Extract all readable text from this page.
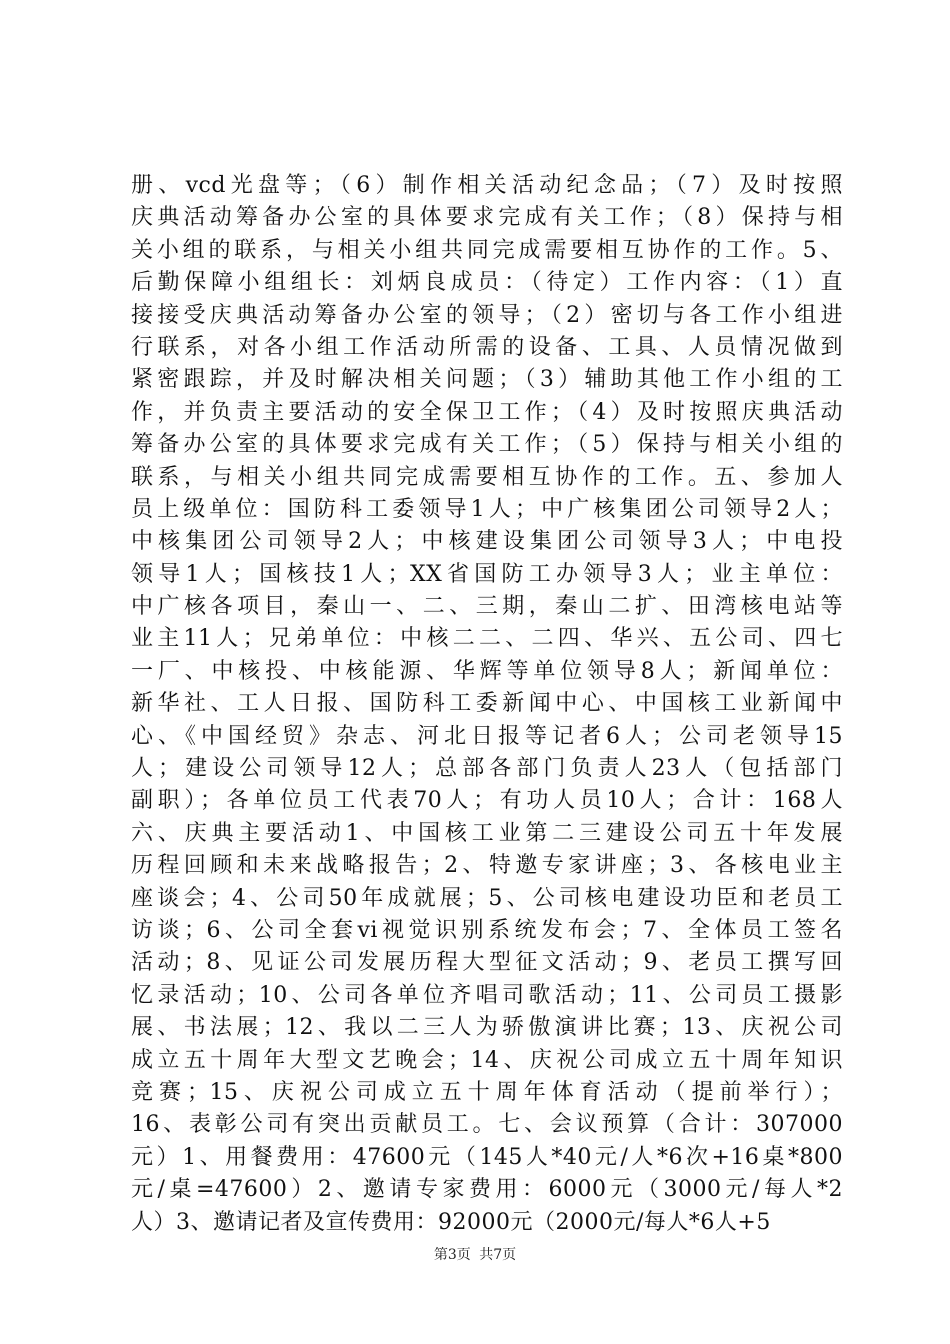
册、vcd光盘等；（6）制作相关活动纪念品；（7）及时按照
庆典活动筹备办公室的具体要求完成有关工作；（8）保持与相
关小组的联系，与相关小组共同完成需要相互协作的工作。5、
后勤保障小组组长：刘炳良成员：（待定）工作内容：（1）直
接接受庆典活动筹备办公室的领导；（2）密切与各工作小组进
行联系，对各小组工作活动所需的设备、工具、人员情况做到
紧密跟踪，并及时解决相关问题；（3）辅助其他工作小组的工
作，并负责主要活动的安全保卫工作；（4）及时按照庆典活动
筹备办公室的具体要求完成有关工作；（5）保持与相关小组的
联系，与相关小组共同完成需要相互协作的工作。五、参加人
员上级单位：国防科工委领导1人；中广核集团公司领导2人；
中核集团公司领导2人；中核建设集团公司领导3人；中电投
领导1人；国核技1人；XX省国防工办领导3人；业主单位：
中广核各项目，秦山一、二、三期，秦山二扩、田湾核电站等
业主11人；兄弟单位：中核二二、二四、华兴、五公司、四七
一厂、中核投、中核能源、华辉等单位领导8人；新闻单位：
新华社、工人日报、国防科工委新闻中心、中国核工业新闻中
心、《中国经贸》杂志、河北日报等记者6人；公司老领导15
人；建设公司领导12人；总部各部门负责人23人（包括部门
副职）；各单位员工代表70人；有功人员10人；合计：168人
六、庆典主要活动1、中国核工业第二三建设公司五十年发展
历程回顾和未来战略报告；2、特邀专家讲座；3、各核电业主
座谈会；4、公司50年成就展；5、公司核电建设功臣和老员工
访谈；6、公司全套vi视觉识别系统发布会；7、全体员工签名
活动；8、见证公司发展历程大型征文活动；9、老员工撰写回
忆录活动；10、公司各单位齐唱司歌活动；11、公司员工摄影
展、书法展；12、我以二三人为骄傲演讲比赛；13、庆祝公司
成立五十周年大型文艺晚会；14、庆祝公司成立五十周年知识
竞赛；15、庆祝公司成立五十周年体育活动（提前举行）；
16、表彰公司有突出贡献员工。七、会议预算（合计：307000
元）1、用餐费用：47600元（145人*40元/人*6次+16桌*800
元/桌=47600）2、邀请专家费用：6000元（3000元/每人*2
人）3、邀请记者及宣传费用：92000元（2000元/每人*6人+5
第3页 共7页
